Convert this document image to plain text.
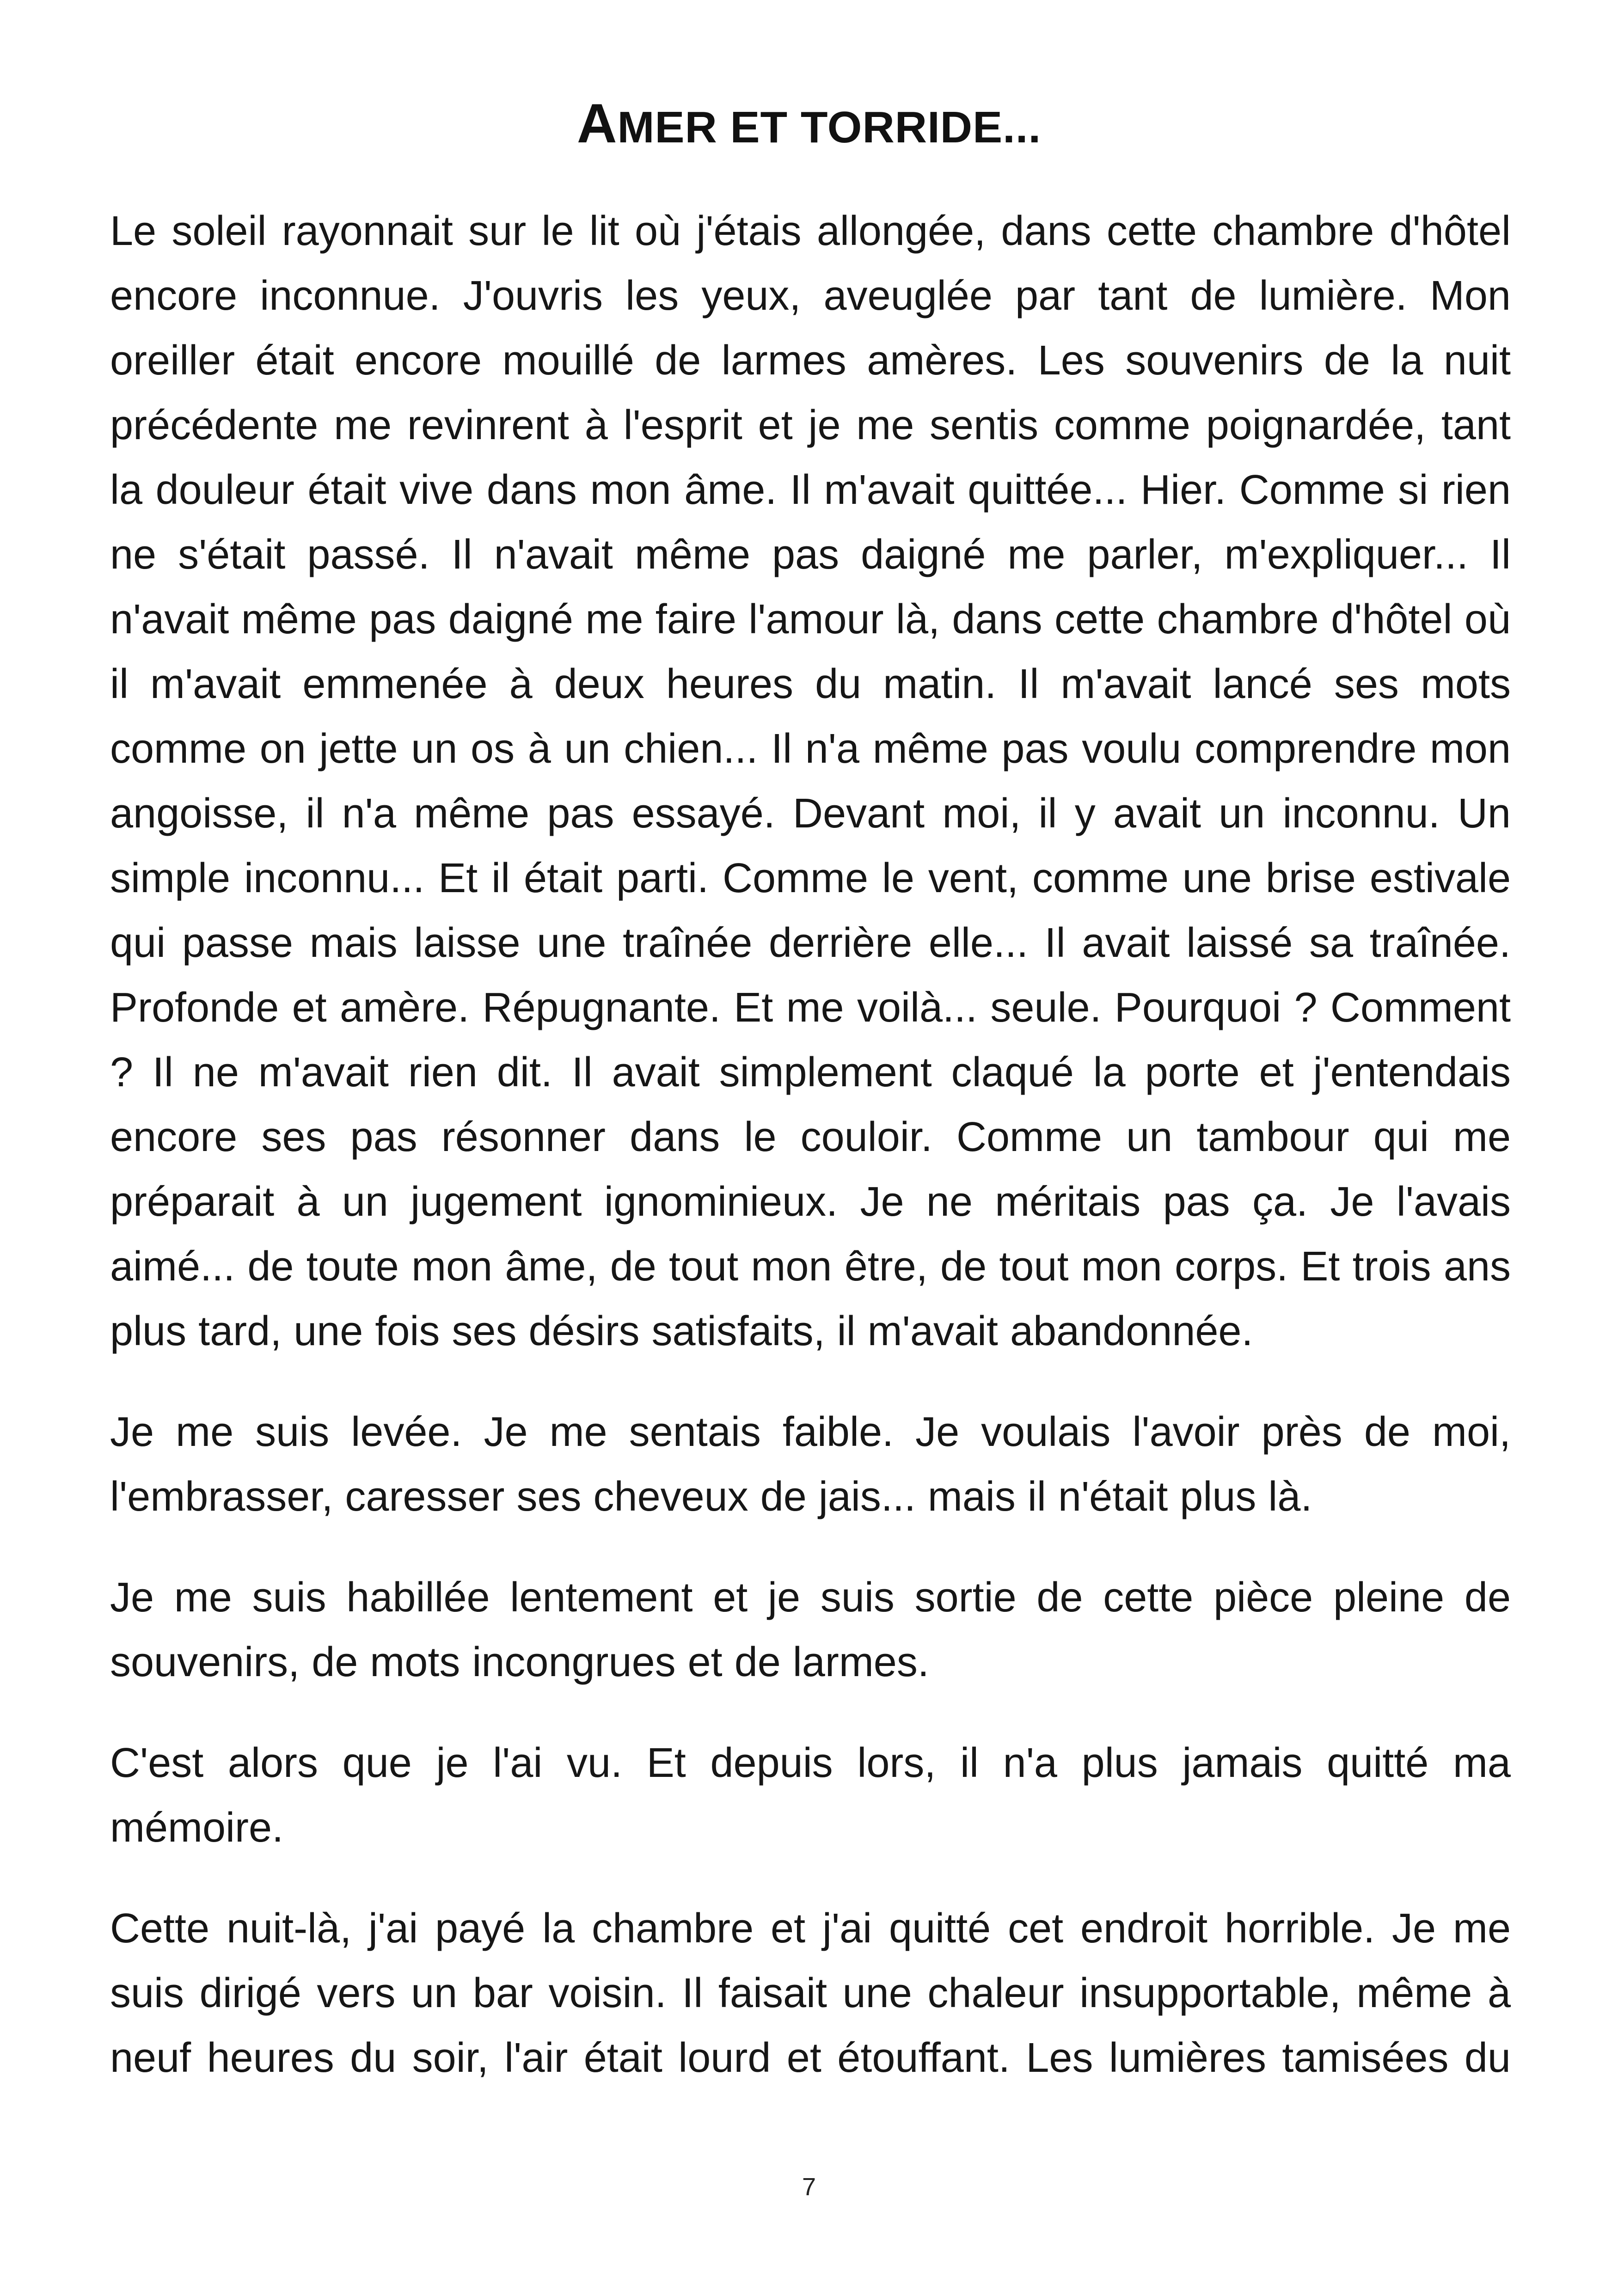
AMER ET TORRIDE...

Le soleil rayonnait sur le lit où j'étais allongée, dans cette chambre d'hôtel encore inconnue. J'ouvris les yeux, aveuglée par tant de lumière. Mon oreiller était encore mouillé de larmes amères. Les souvenirs de la nuit précédente me revinrent à l'esprit et je me sentis comme poignardée, tant la douleur était vive dans mon âme. Il m'avait quittée... Hier. Comme si rien ne s'était passé. Il n'avait même pas daigné me parler, m'expliquer... Il n'avait même pas daigné me faire l'amour là, dans cette chambre d'hôtel où il m'avait emmenée à deux heures du matin. Il m'avait lancé ses mots comme on jette un os à un chien... Il n'a même pas voulu comprendre mon angoisse, il n'a même pas essayé. Devant moi, il y avait un inconnu. Un simple inconnu... Et il était parti. Comme le vent, comme une brise estivale qui passe mais laisse une traînée derrière elle... Il avait laissé sa traînée. Profonde et amère. Répugnante. Et me voilà... seule. Pourquoi ? Comment ? Il ne m'avait rien dit. Il avait simplement claqué la porte et j'entendais encore ses pas résonner dans le couloir. Comme un tambour qui me préparait à un jugement ignominieux. Je ne méritais pas ça. Je l'avais aimé... de toute mon âme, de tout mon être, de tout mon corps. Et trois ans plus tard, une fois ses désirs satisfaits, il m'avait abandonnée.

Je me suis levée. Je me sentais faible. Je voulais l'avoir près de moi, l'embrasser, caresser ses cheveux de jais... mais il n'était plus là.

Je me suis habillée lentement et je suis sortie de cette pièce pleine de souvenirs, de mots incongrues et de larmes.

C'est alors que je l'ai vu. Et depuis lors, il n'a plus jamais quitté ma mémoire.

Cette nuit-là, j'ai payé la chambre et j'ai quitté cet endroit horrible. Je me suis dirigé vers un bar voisin. Il faisait une chaleur insupportable, même à neuf heures du soir, l'air était lourd et étouffant. Les lumières tamisées du

7
